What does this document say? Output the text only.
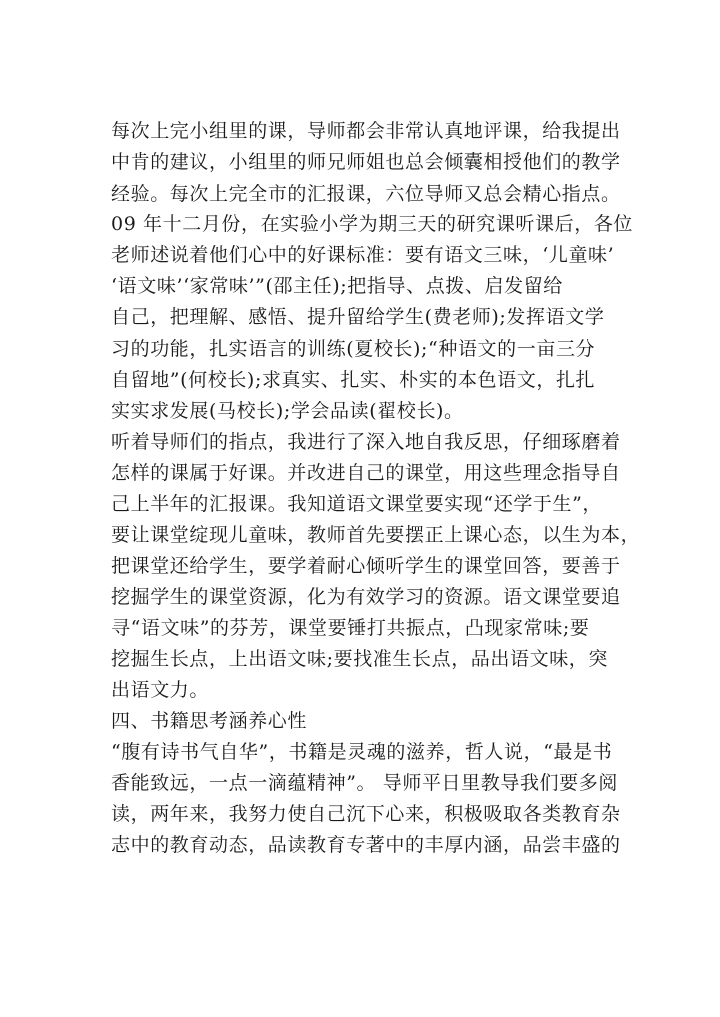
每次上完小组里的课，导师都会非常认真地评课，给我提出
中肯的建议，小组里的师兄师姐也总会倾囊相授他们的教学
经验。每次上完全市的汇报课，六位导师又总会精心指点。
09 年十二月份，在实验小学为期三天的研究课听课后，各位
老师述说着他们心中的好课标准：要有语文三味，‘儿童味’
‘语文味’‘家常味’”(邵主任);把指导、点拨、启发留给
自己，把理解、感悟、提升留给学生(费老师);发挥语文学
习的功能，扎实语言的训练(夏校长);“种语文的一亩三分
自留地”(何校长);求真实、扎实、朴实的本色语文，扎扎
实实求发展(马校长);学会品读(翟校长)。
听着导师们的指点，我进行了深入地自我反思，仔细琢磨着
怎样的课属于好课。并改进自己的课堂，用这些理念指导自
己上半年的汇报课。我知道语文课堂要实现“还学于生”，
要让课堂绽现儿童味，教师首先要摆正上课心态，以生为本，
把课堂还给学生，要学着耐心倾听学生的课堂回答，要善于
挖掘学生的课堂资源，化为有效学习的资源。语文课堂要追
寻“语文味”的芬芳，课堂要锤打共振点，凸现家常味;要
挖掘生长点，上出语文味;要找准生长点，品出语文味，突
出语文力。
四、书籍思考涵养心性
“腹有诗书气自华”，书籍是灵魂的滋养，哲人说，“最是书
香能致远，一点一滴蕴精神”。 导师平日里教导我们要多阅
读，两年来，我努力使自己沉下心来，积极吸取各类教育杂
志中的教育动态，品读教育专著中的丰厚内涵，品尝丰盛的
